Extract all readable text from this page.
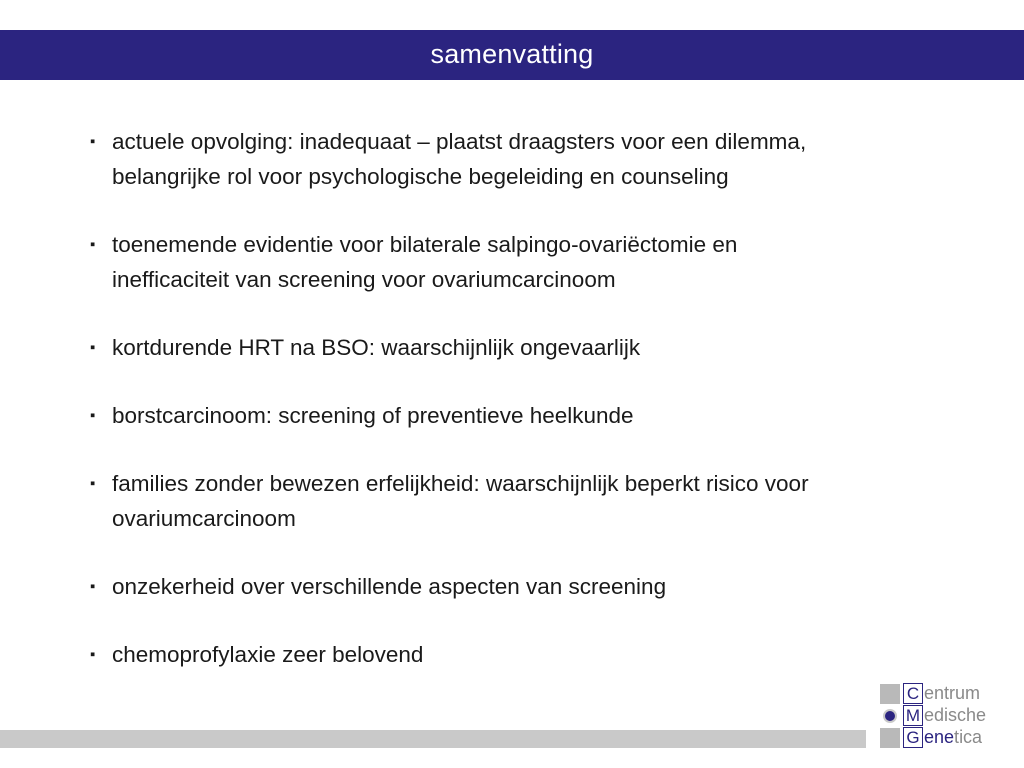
samenvatting
▪ actuele opvolging: inadequaat – plaatst draagsters voor een dilemma,
belangrijke rol voor psychologische begeleiding en counseling
▪ toenemende evidentie voor bilaterale salpingo-ovariëctomie en
inefficaciteit van screening voor ovariumcarcinoom
▪ kortdurende HRT na BSO: waarschijnlijk ongevaarlijk
▪ borstcarcinoom: screening of preventieve heelkunde
▪ families zonder bewezen erfelijkheid: waarschijnlijk beperkt risico voor
ovariumcarcinoom
▪ onzekerheid over verschillende aspecten van screening
▪ chemoprofylaxie zeer belovend
C entrum
M edische
G ene t ica
